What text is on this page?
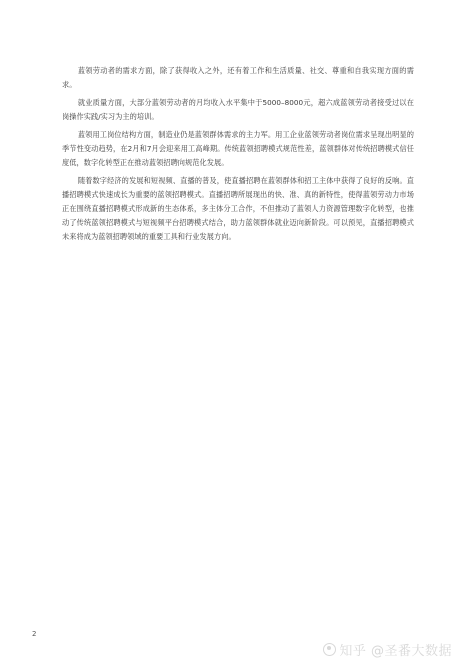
蓝领劳动者的需求方面，除了获得收入之外，还有着工作和生活质量、社交、尊重和自我实现方面的需求。

就业质量方面，大部分蓝领劳动者的月均收入水平集中于5000–8000元，超六成蓝领劳动者接受过以在岗操作实践/实习为主的培训。

蓝领用工岗位结构方面，制造业仍是蓝领群体需求的主力军。用工企业蓝领劳动者岗位需求呈现出明显的季节性变动趋势，在2月和7月会迎来用工高峰期。传统蓝领招聘模式规范性差，蓝领群体对传统招聘模式信任度低，数字化转型正在推动蓝领招聘向规范化发展。

随着数字经济的发展和短视频、直播的普及，使直播招聘在蓝领群体和招工主体中获得了良好的反响。直播招聘模式快速成长为重要的蓝领招聘模式。直播招聘所展现出的快、准、真的新特性，使得蓝领劳动力市场正在围绕直播招聘模式形成新的生态体系，多主体分工合作，不但推动了蓝领人力资源管理数字化转型，也推动了传统蓝领招聘模式与短视频平台招聘模式结合，助力蓝领群体就业迈向新阶段。可以预见，直播招聘模式未来将成为蓝领招聘领域的重要工具和行业发展方向。

2
知乎 @圣番大数据
